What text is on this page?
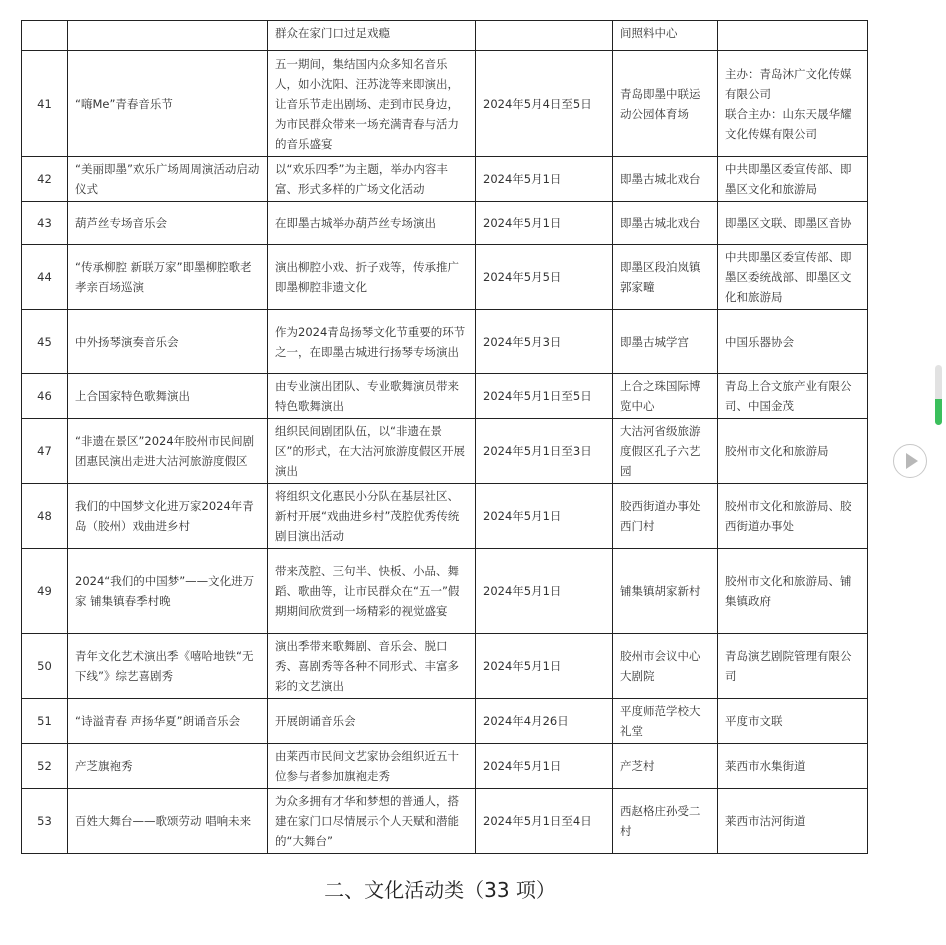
		群众在家门口过足戏瘾		间照料中心	
41	“嗨Me”青春音乐节	五一期间，集结国内众多知名音乐人，如小沈阳、汪苏泷等来即演出，让音乐节走出剧场、走到市民身边，为市民群众带来一场充满青春与活力的音乐盛宴	2024年5月4日至5日	青岛即墨中联运动公园体育场	主办：青岛沐广文化传媒有限公司
联合主办：山东天晟华耀文化传媒有限公司
42	“美丽即墨”欢乐广场周周演活动启动仪式	以“欢乐四季”为主题，举办内容丰富、形式多样的广场文化活动	2024年5月1日	即墨古城北戏台	中共即墨区委宣传部、即墨区文化和旅游局
43	葫芦丝专场音乐会	在即墨古城举办葫芦丝专场演出	2024年5月1日	即墨古城北戏台	即墨区文联、即墨区音协
44	“传承柳腔 新联万家”即墨柳腔歌老孝亲百场巡演	演出柳腔小戏、折子戏等，传承推广即墨柳腔非遗文化	2024年5月5日	即墨区段泊岚镇郭家疃	中共即墨区委宣传部、即墨区委统战部、即墨区文化和旅游局
45	中外扬琴演奏音乐会	作为2024青岛扬琴文化节重要的环节之一，在即墨古城进行扬琴专场演出	2024年5月3日	即墨古城学宫	中国乐器协会
46	上合国家特色歌舞演出	由专业演出团队、专业歌舞演员带来特色歌舞演出	2024年5月1日至5日	上合之珠国际博览中心	青岛上合文旅产业有限公司、中国金茂
47	“非遗在景区”2024年胶州市民间剧团惠民演出走进大沽河旅游度假区	组织民间剧团队伍，以“非遗在景区”的形式，在大沽河旅游度假区开展演出	2024年5月1日至3日	大沽河省级旅游度假区孔子六艺园	胶州市文化和旅游局
48	我们的中国梦文化进万家2024年青岛（胶州）戏曲进乡村	将组织文化惠民小分队在基层社区、新村开展“戏曲进乡村”茂腔优秀传统剧目演出活动	2024年5月1日	胶西街道办事处西门村	胶州市文化和旅游局、胶西街道办事处
49	2024“我们的中国梦”——文化进万家 铺集镇春季村晚	带来茂腔、三句半、快板、小品、舞蹈、歌曲等，让市民群众在“五一”假期期间欣赏到一场精彩的视觉盛宴	2024年5月1日	铺集镇胡家新村	胶州市文化和旅游局、铺集镇政府
50	青年文化艺术演出季《嘻哈地铁“无下线”》综艺喜剧秀	演出季带来歌舞剧、音乐会、脱口秀、喜剧秀等各种不同形式、丰富多彩的文艺演出	2024年5月1日	胶州市会议中心大剧院	青岛演艺剧院管理有限公司
51	“诗溢青春 声扬华夏”朗诵音乐会	开展朗诵音乐会	2024年4月26日	平度师范学校大礼堂	平度市文联
52	产芝旗袍秀	由莱西市民间文艺家协会组织近五十位参与者参加旗袍走秀	2024年5月1日	产芝村	莱西市水集街道
53	百姓大舞台——歌颂劳动 唱响未来	为众多拥有才华和梦想的普通人，搭建在家门口尽情展示个人天赋和潜能的“大舞台”	2024年5月1日至4日	西赵格庄孙受二村	莱西市沽河街道
二、文化活动类（33 项）
